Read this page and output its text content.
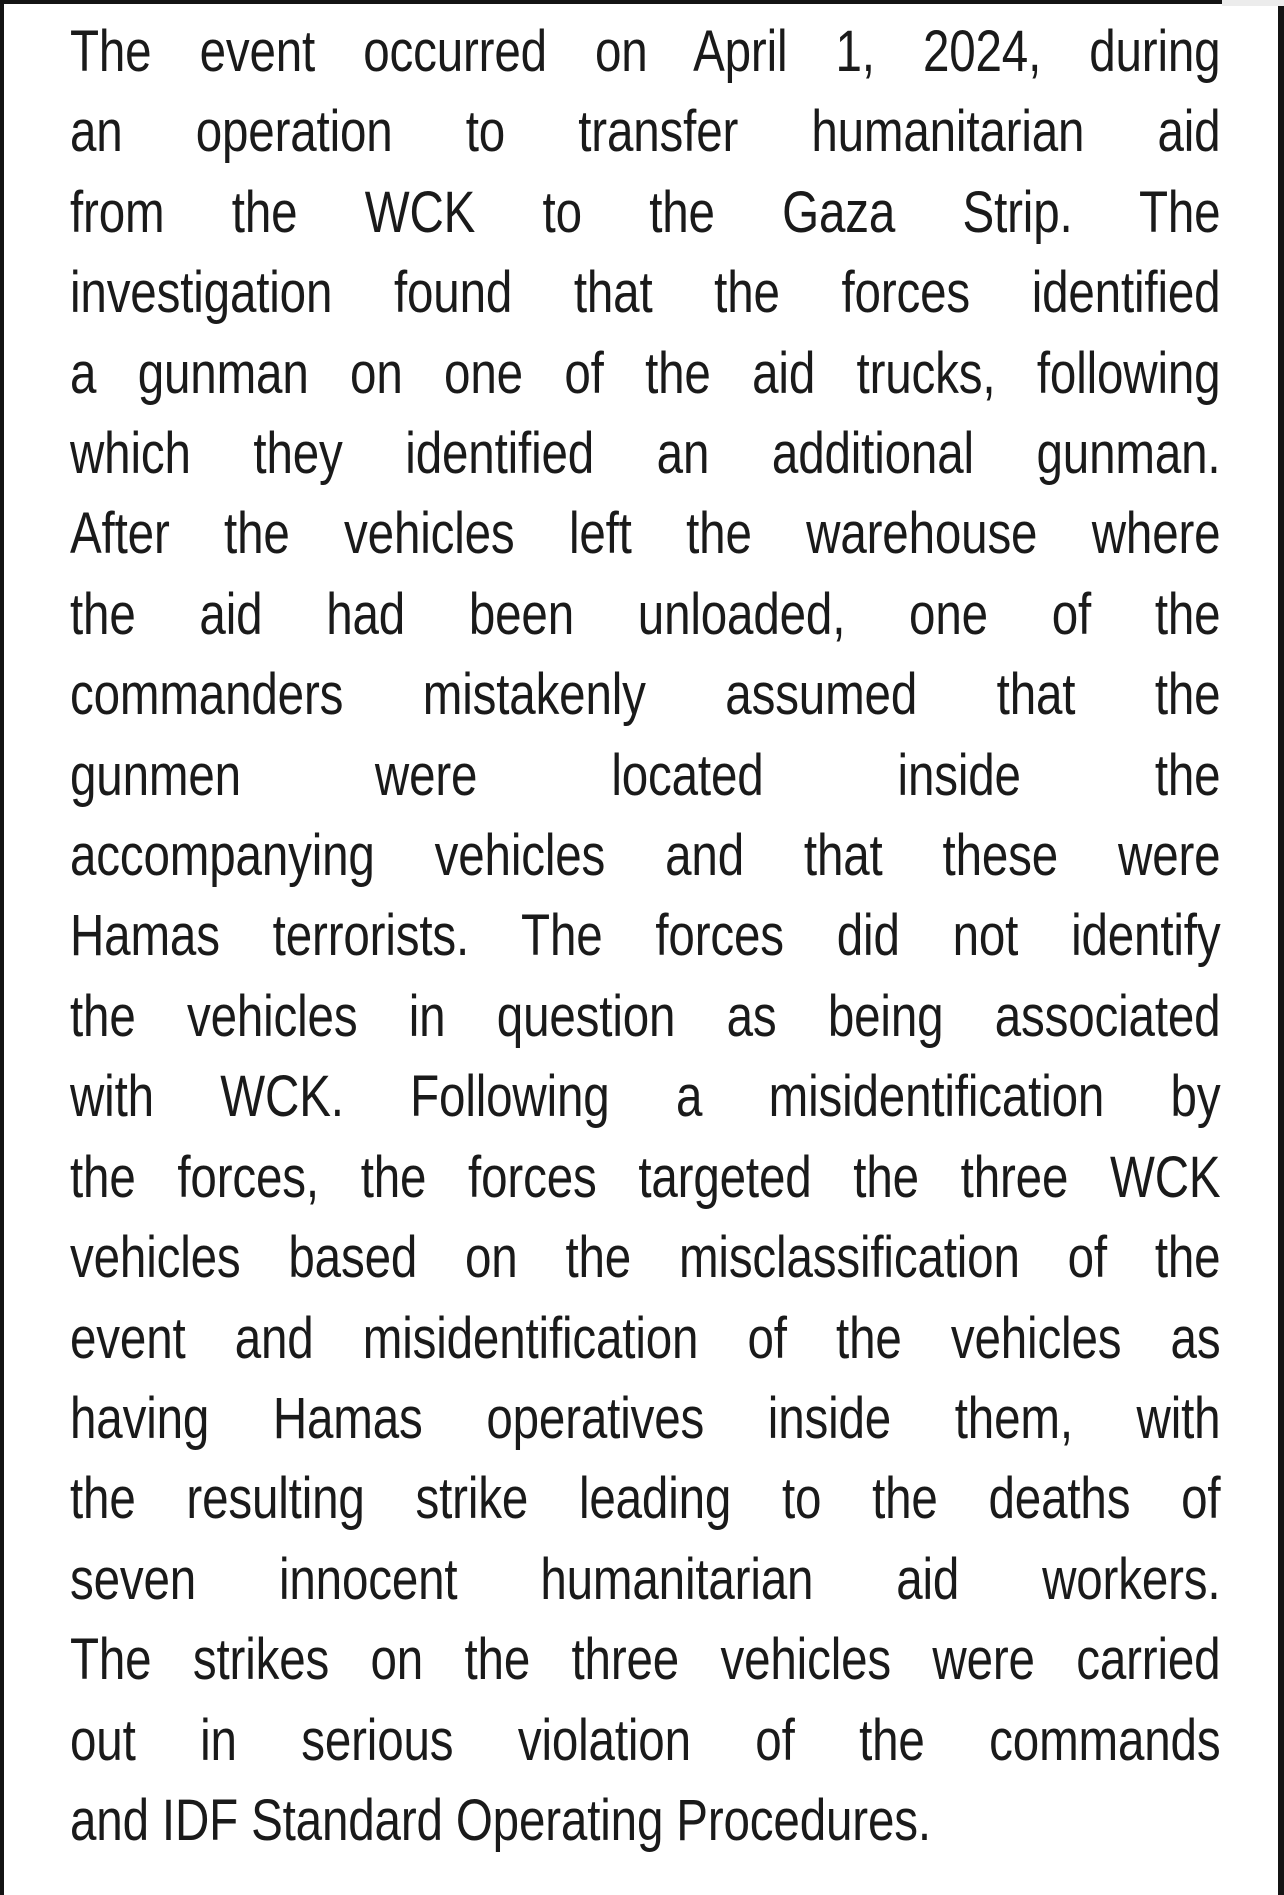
The event occurred on April 1, 2024, during
an operation to transfer humanitarian aid
from the WCK to the Gaza Strip. The
investigation found that the forces identified
a gunman on one of the aid trucks, following
which they identified an additional gunman.
After the vehicles left the warehouse where
the aid had been unloaded, one of the
commanders mistakenly assumed that the
gunmen were located inside the
accompanying vehicles and that these were
Hamas terrorists. The forces did not identify
the vehicles in question as being associated
with WCK. Following a misidentification by
the forces, the forces targeted the three WCK
vehicles based on the misclassification of the
event and misidentification of the vehicles as
having Hamas operatives inside them, with
the resulting strike leading to the deaths of
seven innocent humanitarian aid workers.
The strikes on the three vehicles were carried
out in serious violation of the commands
and IDF Standard Operating Procedures.
